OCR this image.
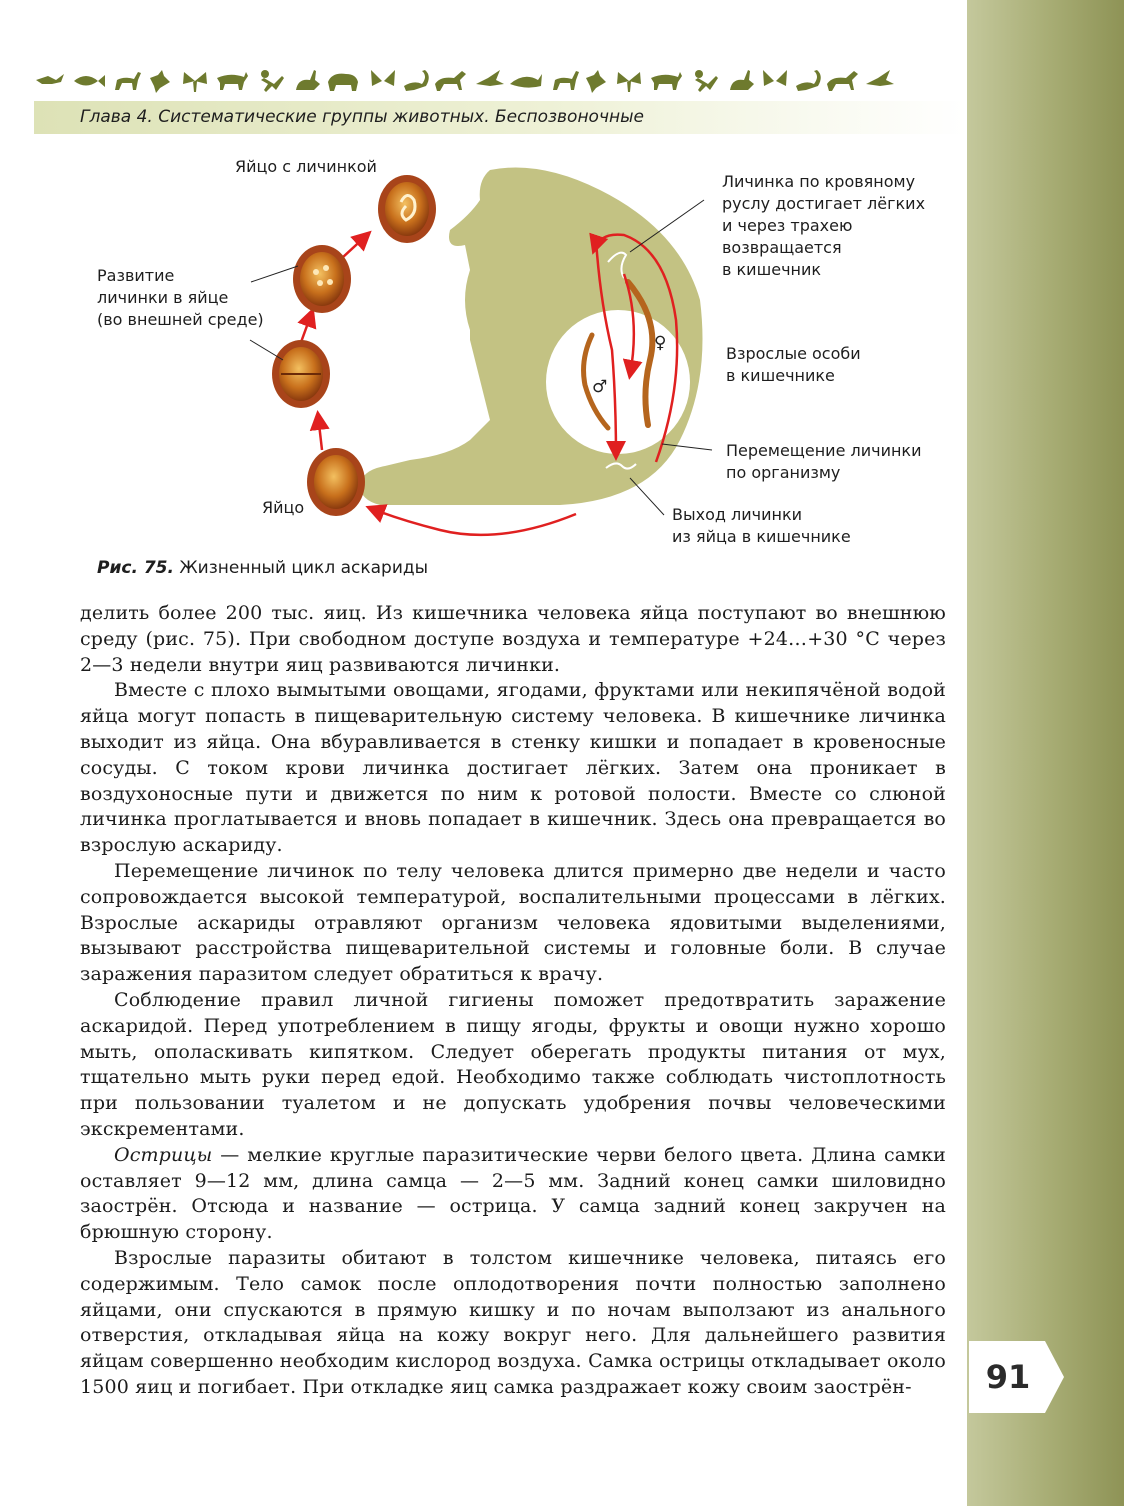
91
Глава 4. Систематические группы животных. Беспозвоночные
♂
♀
Яйцо с личинкой
Развитие
личинки в яйце
(во внешней среде)
Яйцо
Личинка по кровяному
руслу достигает лёгких
и через трахею
возвращается
в кишечник
Взрослые особи
в кишечнике
Перемещение личинки
по организму
Выход личинки
из яйца в кишечнике
Рис. 75. Жизненный цикл аскариды

делить более 200 тыс. яиц. Из кишечника человека яйца поступают во внешнюю среду (рис. 75). При свободном доступе воздуха и температуре +24…+30 °C через 2—3 недели внутри яиц развиваются личинки.

Вместе с плохо вымытыми овощами, ягодами, фруктами или некипячёной водой яйца могут попасть в пищеварительную систему человека. В кишечнике личинка выходит из яйца. Она вбуравливается в стенку кишки и попадает в кровеносные сосуды. С током крови личинка достигает лёгких. Затем она проникает в воздухоносные пути и движется по ним к ротовой полости. Вместе со слюной личинка проглатывается и вновь попадает в кишечник. Здесь она превращается во взрослую аскариду.

Перемещение личинок по телу человека длится примерно две недели и часто сопровождается высокой температурой, воспалительными процессами в лёгких. Взрослые аскариды отравляют организм человека ядовитыми выделениями, вызывают расстройства пищеварительной системы и головные боли. В случае заражения паразитом следует обратиться к врачу.

Соблюдение правил личной гигиены поможет предотвратить заражение аскаридой. Перед употреблением в пищу ягоды, фрукты и овощи нужно хорошо мыть, ополаскивать кипятком. Следует оберегать продукты питания от мух, тщательно мыть руки перед едой. Необходимо также соблюдать чистоплотность при пользовании туалетом и не допускать удобрения почвы человеческими экскрементами.

Острицы — мелкие круглые паразитические черви белого цвета. Длина самки оставляет 9—12 мм, длина самца — 2—5 мм. Задний конец самки шиловидно заострён. Отсюда и название — острица. У самца задний конец закручен на брюшную сторону.

Взрослые паразиты обитают в толстом кишечнике человека, питаясь его содержимым. Тело самок после оплодотворения почти полностью заполнено яйцами, они спускаются в прямую кишку и по ночам выползают из анального отверстия, откладывая яйца на кожу вокруг него. Для дальнейшего развития яйцам совершенно необходим кислород воздуха. Самка острицы откладывает около 1500 яиц и погибает. При откладке яиц самка раздражает кожу своим заострён-
